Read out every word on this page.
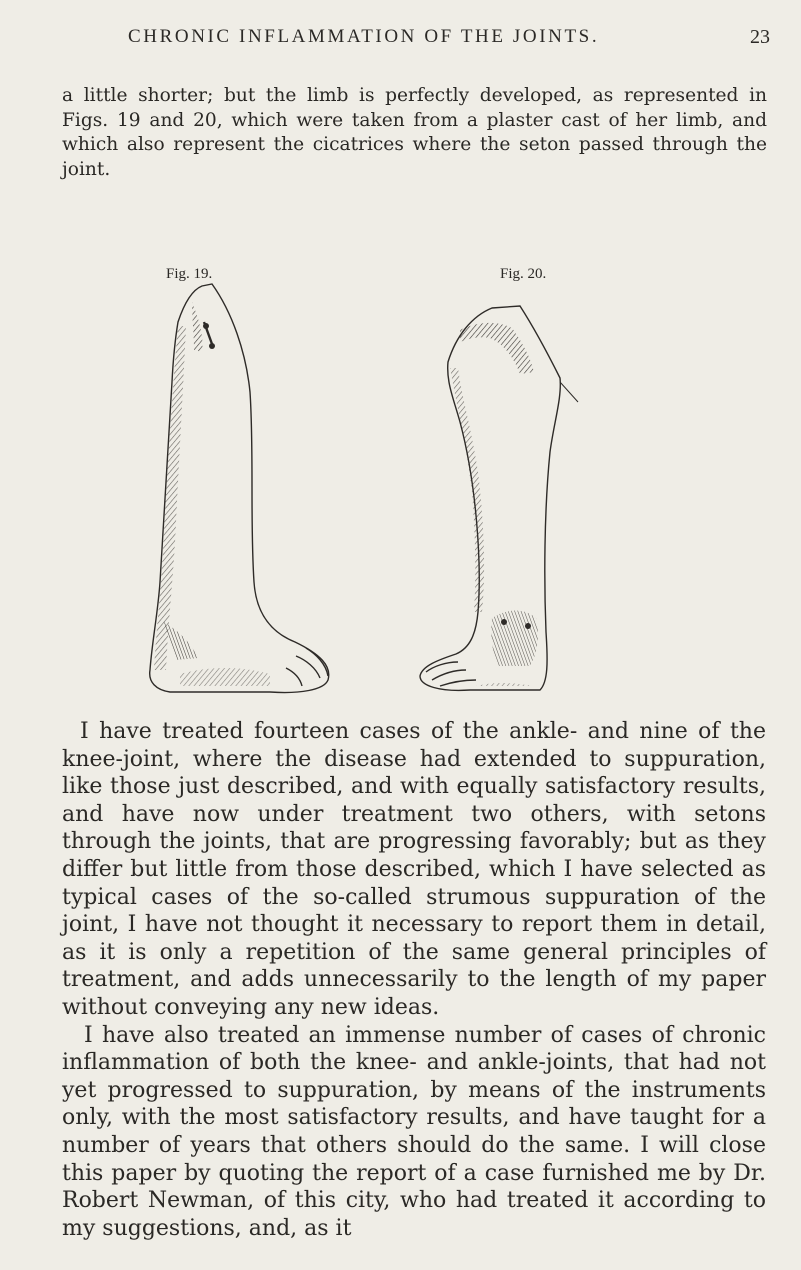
CHRONIC INFLAMMATION OF THE JOINTS.	23
a little shorter; but the limb is perfectly developed, as represented in Figs. 19 and 20, which were taken from a plaster cast of her limb, and which also represent the cicatrices where the seton passed through the joint.
Fig. 19.	Fig. 20.

I have treated fourteen cases of the ankle- and nine of the knee-joint, where the disease had extended to suppuration, like those just described, and with equally satisfactory results, and have now under treatment two others, with setons through the joints, that are progressing favorably; but as they differ but little from those described, which I have selected as typical cases of the so-called strumous suppuration of the joint, I have not thought it necessary to report them in detail, as it is only a repetition of the same general principles of treatment, and adds unnecessarily to the length of my paper without conveying any new ideas.

I have also treated an immense number of cases of chronic inflammation of both the knee- and ankle-joints, that had not yet progressed to suppuration, by means of the instruments only, with the most satisfactory results, and have taught for a number of years that others should do the same. I will close this paper by quoting the report of a case furnished me by Dr. Robert Newman, of this city, who had treated it according to my suggestions, and, as it
